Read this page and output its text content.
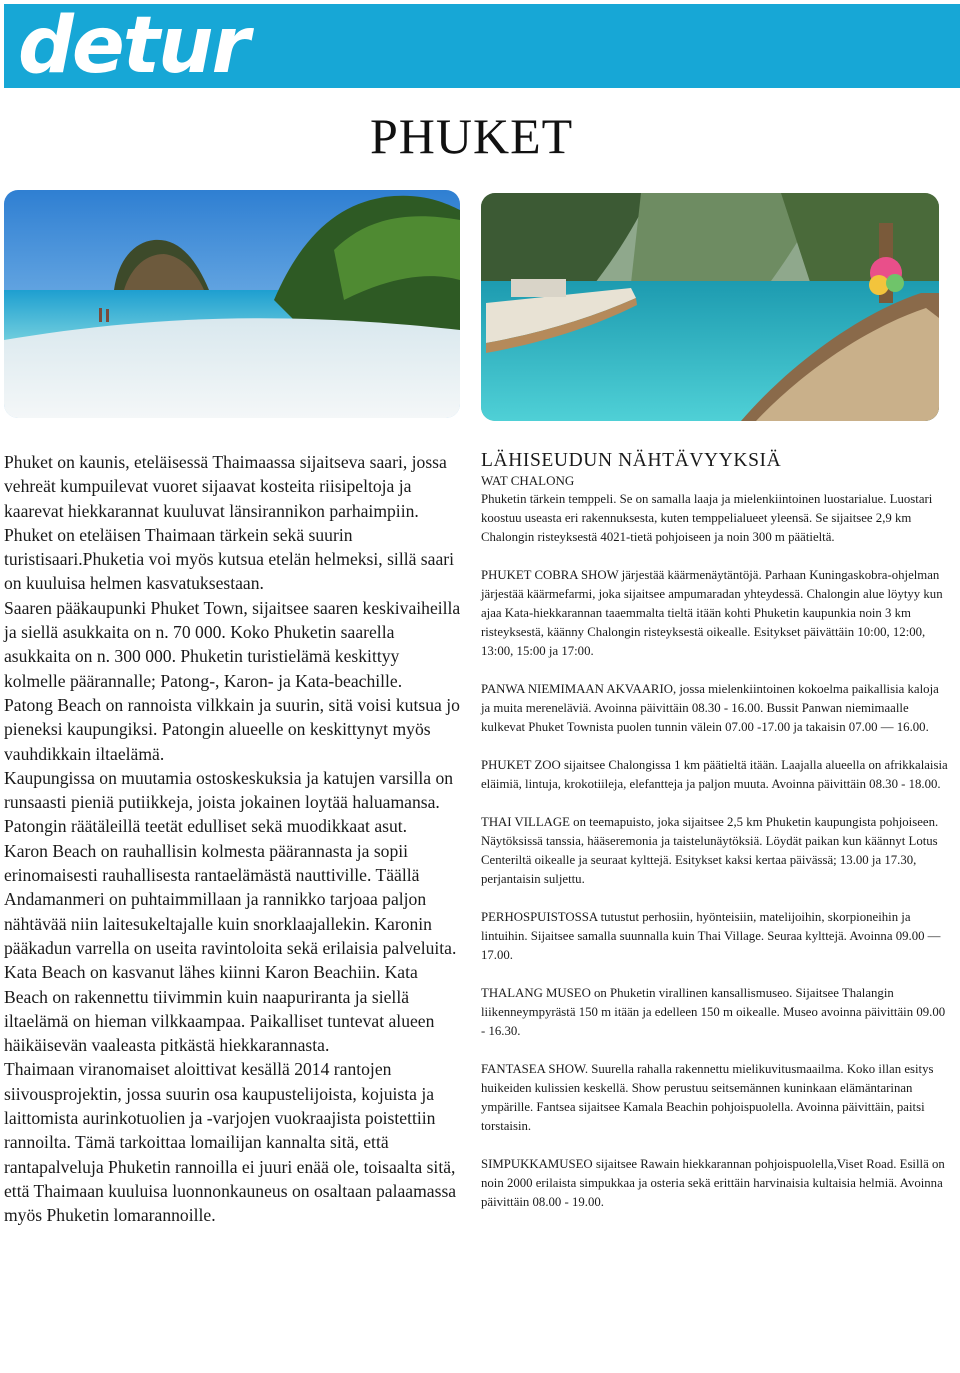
detur
PHUKET

Phuket on kaunis, eteläisessä Thaimaassa sijaitseva saari, jossa vehreät kumpuilevat vuoret sijaavat kosteita riisipeltoja ja kaarevat hiekkarannat kuuluvat länsirannikon parhaimpiin. Phuket on eteläisen Thaimaan tärkein sekä suurin turistisaari.Phuketia voi myös kutsua etelän helmeksi, sillä saari on kuuluisa helmen kasvatuksestaan.

Saaren pääkaupunki Phuket Town, sijaitsee saaren keskivaiheilla ja siellä asukkaita on n. 70 000. Koko Phuketin saarella asukkaita on n. 300 000. Phuketin turistielämä keskittyy kolmelle päärannalle; Patong-, Karon- ja Kata-beachille.

Patong Beach on rannoista vilkkain ja suurin, sitä voisi kutsua jo pieneksi kaupungiksi. Patongin alueelle on keskittynyt myös vauhdikkain iltaelämä.

Kaupungissa on muutamia ostoskeskuksia ja katujen varsilla on runsaasti pieniä putiikkeja, joista jokainen loytää haluamansa. Patongin räätäleillä teetät edulliset sekä muodikkaat asut.

Karon Beach on rauhallisin kolmesta päärannasta ja sopii erinomaisesti rauhallisesta rantaelämästä nauttiville. Täällä Andamanmeri on puhtaimmillaan ja rannikko tarjoaa paljon nähtävää niin laitesukeltajalle kuin snorklaajallekin. Karonin pääkadun varrella on useita ravintoloita sekä erilaisia palveluita.

Kata Beach on kasvanut lähes kiinni Karon Beachiin. Kata Beach on rakennettu tiivimmin kuin naapuriranta ja siellä iltaelämä on hieman vilkkaampaa. Paikalliset tuntevat alueen häikäisevän vaaleasta pitkästä hiekkarannasta.

Thaimaan viranomaiset aloittivat kesällä 2014 rantojen siivousprojektin, jossa suurin osa kaupustelijoista, kojuista ja laittomista aurinkotuolien ja -varjojen vuokraajista poistettiin rannoilta. Tämä tarkoittaa lomailijan kannalta sitä, että rantapalveluja Phuketin rannoilla ei juuri enää ole, toisaalta sitä, että Thaimaan kuuluisa luonnonkauneus on osaltaan palaamassa myös Phuketin lomarannoille.

LÄHISEUDUN NÄHTÄVYYKSIÄ
WAT CHALONG

Phuketin tärkein temppeli. Se on samalla laaja ja mielenkiintoinen luostarialue. Luostari koostuu useasta eri rakennuksesta, kuten temppelialueet yleensä. Se sijaitsee 2,9 km Chalongin risteyksestä 4021-tietä pohjoiseen ja noin 300 m päätieltä.

PHUKET COBRA SHOW järjestää käärmenäytäntöjä. Parhaan Kuningaskobra-ohjelman järjestää käärmefarmi, joka sijaitsee ampumaradan yhteydessä. Chalongin alue löytyy kun ajaa Kata-hiekkarannan taaemmalta tieltä itään kohti Phuketin kaupunkia noin 3 km risteyksestä, käänny Chalongin risteyksestä oikealle. Esitykset päivättäin 10:00, 12:00, 13:00, 15:00 ja 17:00.

PANWA NIEMIMAAN AKVAARIO, jossa mielenkiintoinen kokoelma paikallisia kaloja ja muita mereneläviä. Avoinna päivittäin 08.30 - 16.00. Bussit Panwan niemimaalle kulkevat Phuket Townista puolen tunnin välein 07.00 -17.00 ja takaisin 07.00 — 16.00.

PHUKET ZOO sijaitsee Chalongissa 1 km päätieltä itään. Laajalla alueella on afrikkalaisia eläimiä, lintuja, krokotiileja, elefantteja ja paljon muuta. Avoinna päivittäin 08.30 - 18.00.

THAI VILLAGE on teemapuisto, joka sijaitsee 2,5 km Phuketin kaupungista pohjoiseen. Näytöksissä tanssia, hääseremonia ja taistelunäytöksiä. Löydät paikan kun käännyt Lotus Centeriltä oikealle ja seuraat kylttejä. Esitykset kaksi kertaa päivässä; 13.00 ja 17.30, perjantaisin suljettu.

PERHOSPUISTOSSA tutustut perhosiin, hyönteisiin, matelijoihin, skorpioneihin ja lintuihin. Sijaitsee samalla suunnalla kuin Thai Village. Seuraa kylttejä. Avoinna 09.00 — 17.00.

THALANG MUSEO on Phuketin virallinen kansallismuseo. Sijaitsee Thalangin liikenneympyrästä 150 m itään ja edelleen 150 m oikealle. Museo avoinna päivittäin 09.00 - 16.30.

FANTASEA SHOW. Suurella rahalla rakennettu mielikuvitusmaailma. Koko illan esitys huikeiden kulissien keskellä. Show perustuu seitsemännen kuninkaan elämäntarinan ympärille. Fantsea sijaitsee Kamala Beachin pohjoispuolella. Avoinna päivittäin, paitsi torstaisin.

SIMPUKKAMUSEO sijaitsee Rawain hiekkarannan pohjoispuolella,Viset Road. Esillä on noin 2000 erilaista simpukkaa ja osteria sekä erittäin harvinaisia kultaisia helmiä. Avoinna päivittäin 08.00 - 19.00.
